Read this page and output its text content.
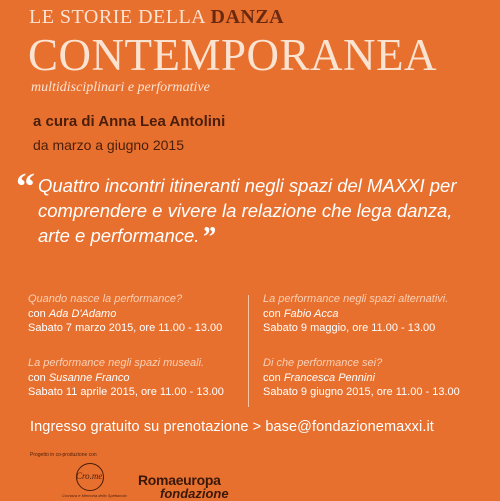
LE STORIE DELLA DANZA
CONTEMPORANEA
multidisciplinari e performative
a cura di Anna Lea Antolini
da marzo a giugno 2015
“ Quattro incontri itineranti negli spazi del MAXXI per comprendere e vivere la relazione che lega danza, arte e performance.”
Quando nasce la performance?
con Ada D'Adamo
Sabato 7 marzo 2015, ore 11.00 - 13.00
La performance negli spazi alternativi.
con Fabio Acca
Sabato 9 maggio, ore 11.00 - 13.00
La performance negli spazi museali.
con Susanne Franco
Sabato 11 aprile 2015, ore 11.00 - 13.00
Di che performance sei?
con Francesca Pennini
Sabato 9 giugno 2015, ore 11.00 - 13.00
Ingresso gratuito su prenotazione > base@fondazionemaxxi.it
Progetto in co-produzione con
Cro.me.
Cronaca e Memoria dello Spettacolo
Romaeuropa
fondazione
